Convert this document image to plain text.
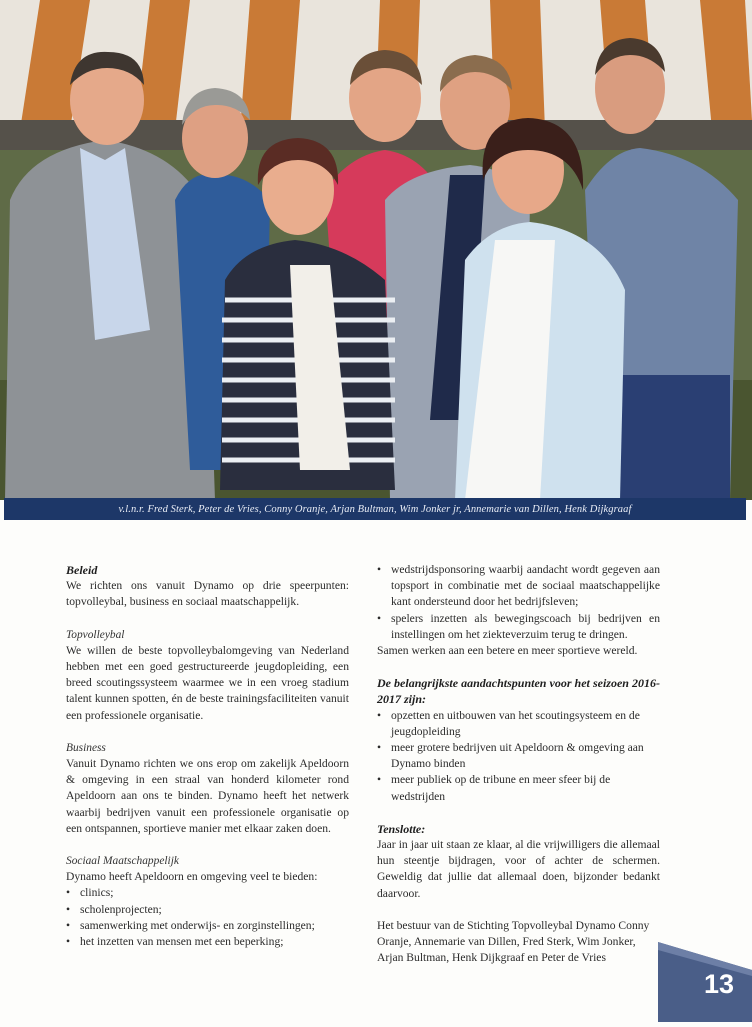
v.l.n.r. Fred Sterk, Peter de Vries, Conny Oranje, Arjan Bultman, Wim Jonker jr, Annemarie van Dillen, Henk Dijkgraaf

Beleid

We richten ons vanuit Dynamo op drie speerpunten: topvolleybal, business en sociaal maatschappelijk.

Topvolleybal

We willen de beste topvolleybalomgeving van Nederland hebben met een goed gestructureerde jeugdopleiding, een breed scoutingssysteem waarmee we in een vroeg stadium talent kunnen spotten, én de beste trainingsfaciliteiten vanuit een professionele organisatie.

Business

Vanuit Dynamo richten we ons erop om zakelijk Apeldoorn & omgeving in een straal van honderd kilometer rond Apeldoorn aan ons te binden. Dynamo heeft het netwerk waarbij bedrijven vanuit een professionele organisatie op een ontspannen, sportieve manier met elkaar zaken doen.

Sociaal Maatschappelijk

Dynamo heeft Apeldoorn en omgeving veel te bieden:

• clinics;
• scholenprojecten;
• samenwerking met onderwijs- en zorginstellingen;
• het inzetten van mensen met een beperking;
• wedstrijdsponsoring waarbij aandacht wordt gegeven aan topsport in combinatie met de sociaal maatschappelijke kant ondersteund door het bedrijfsleven;
• spelers inzetten als bewegingscoach bij bedrijven en instellingen om het ziekteverzuim terug te dringen.

Samen werken aan een betere en meer sportieve wereld.

De belangrijkste aandachtspunten voor het seizoen 2016-2017 zijn:

• opzetten en uitbouwen van het scoutingsysteem en de jeugdopleiding
• meer grotere bedrijven uit Apeldoorn & omgeving aan Dynamo binden
• meer publiek op de tribune en meer sfeer bij de wedstrijden

Tenslotte:

Jaar in jaar uit staan ze klaar, al die vrijwilligers die allemaal hun steentje bijdragen, voor of achter de schermen. Geweldig dat jullie dat allemaal doen, bijzonder bedankt daarvoor.

Het bestuur van de Stichting Topvolleybal Dynamo Conny Oranje, Annemarie van Dillen, Fred Sterk, Wim Jonker, Arjan Bultman, Henk Dijkgraaf en Peter de Vries

13
